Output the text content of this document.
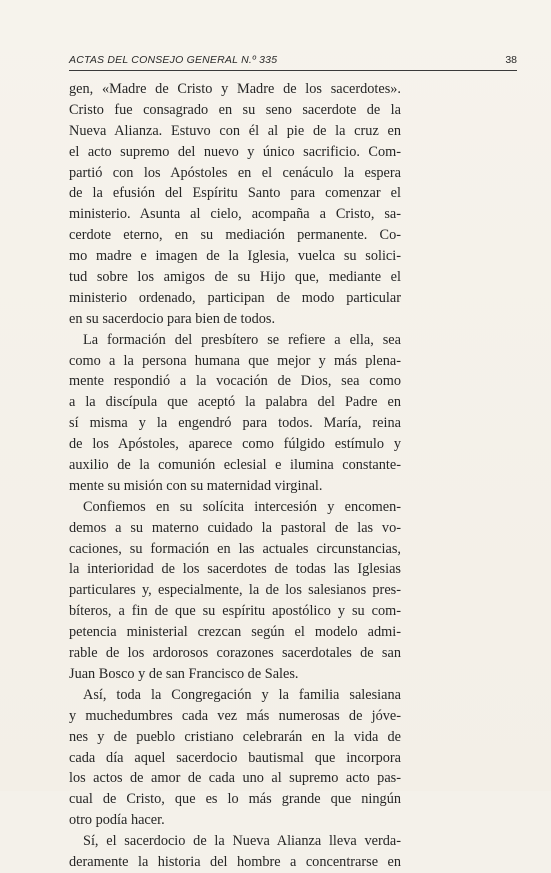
ACTAS DEL CONSEJO GENERAL N.º 335	38
gen, «Madre de Cristo y Madre de los sacerdotes».
Cristo fue consagrado en su seno sacerdote de la
Nueva Alianza. Estuvo con él al pie de la cruz en
el acto supremo del nuevo y único sacrificio. Com-
partió con los Apóstoles en el cenáculo la espera
de la efusión del Espíritu Santo para comenzar el
ministerio. Asunta al cielo, acompaña a Cristo, sa-
cerdote eterno, en su mediación permanente. Co-
mo madre e imagen de la Iglesia, vuelca su solici-
tud sobre los amigos de su Hijo que, mediante el
ministerio ordenado, participan de modo particular
en su sacerdocio para bien de todos.
La formación del presbítero se refiere a ella, sea
como a la persona humana que mejor y más plena-
mente respondió a la vocación de Dios, sea como
a la discípula que aceptó la palabra del Padre en
sí misma y la engendró para todos. María, reina
de los Apóstoles, aparece como fúlgido estímulo y
auxilio de la comunión eclesial e ilumina constante-
mente su misión con su maternidad virginal.
Confiemos en su solícita intercesión y encomen-
demos a su materno cuidado la pastoral de las vo-
caciones, su formación en las actuales circunstancias,
la interioridad de los sacerdotes de todas las Iglesias
particulares y, especialmente, la de los salesianos pres-
bíteros, a fin de que su espíritu apostólico y su com-
petencia ministerial crezcan según el modelo admi-
rable de los ardorosos corazones sacerdotales de san
Juan Bosco y de san Francisco de Sales.
Así, toda la Congregación y la familia salesiana
y muchedumbres cada vez más numerosas de jóve-
nes y de pueblo cristiano celebrarán en la vida de
cada día aquel sacerdocio bautismal que incorpora
los actos de amor de cada uno al supremo acto pas-
cual de Cristo, que es lo más grande que ningún
otro podía hacer.
Sí, el sacerdocio de la Nueva Alianza lleva verda-
deramente la historia del hombre a concentrarse en
